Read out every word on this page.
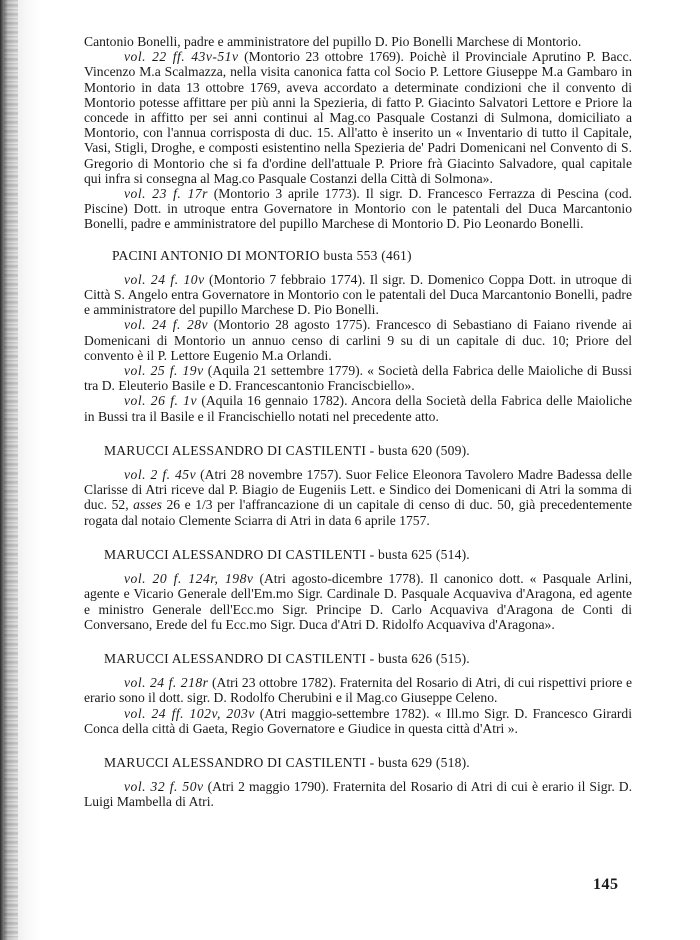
Cantonio Bonelli, padre e amministratore del pupillo D. Pio Bonelli Marchese di Montorio.

vol. 22 ff. 43v-51v (Montorio 23 ottobre 1769). Poichè il Provinciale Aprutino P. Bacc. Vincenzo M.a Scalmazza, nella visita canonica fatta col Socio P. Lettore Giuseppe M.a Gambaro in Montorio in data 13 ottobre 1769, aveva accordato a determinate condizioni che il convento di Montorio potesse affittare per più anni la Spezieria, di fatto P. Giacinto Salvatori Lettore e Priore la concede in affitto per sei anni continui al Mag.co Pasquale Costanzi di Sulmona, domiciliato a Montorio, con l'annua corrisposta di duc. 15. All'atto è inserito un « Inventario di tutto il Capitale, Vasi, Stigli, Droghe, e composti esistentino nella Spezieria de' Padri Domenicani nel Convento di S. Gregorio di Montorio che si fa d'ordine dell'attuale P. Priore frà Giacinto Salvadore, qual capitale qui infra si consegna al Mag.co Pasquale Costanzi della Città di Solmona».

vol. 23 f. 17r (Montorio 3 aprile 1773). Il sigr. D. Francesco Ferrazza di Pescina (cod. Piscine) Dott. in utroque entra Governatore in Montorio con le patentali del Duca Marcantonio Bonelli, padre e amministratore del pupillo Marchese di Montorio D. Pio Leonardo Bonelli.

PACINI ANTONIO DI MONTORIO busta 553 (461)

vol. 24 f. 10v (Montorio 7 febbraio 1774). Il sigr. D. Domenico Coppa Dott. in utroque di Città S. Angelo entra Governatore in Montorio con le patentali del Duca Marcantonio Bonelli, padre e amministratore del pupillo Marchese D. Pio Bonelli.

vol. 24 f. 28v (Montorio 28 agosto 1775). Francesco di Sebastiano di Faiano rivende ai Domenicani di Montorio un annuo censo di carlini 9 su di un capitale di duc. 10; Priore del convento è il P. Lettore Eugenio M.a Orlandi.

vol. 25 f. 19v (Aquila 21 settembre 1779). « Società della Fabrica delle Maioliche di Bussi tra D. Eleuterio Basile e D. Francescantonio Franciscbiello».

vol. 26 f. 1v (Aquila 16 gennaio 1782). Ancora della Società della Fabrica delle Maioliche in Bussi tra il Basile e il Francischiello notati nel precedente atto.

MARUCCI ALESSANDRO DI CASTILENTI - busta 620 (509).

vol. 2 f. 45v (Atri 28 novembre 1757). Suor Felice Eleonora Tavolero Madre Badessa delle Clarisse di Atri riceve dal P. Biagio de Eugeniis Lett. e Sindico dei Domenicani di Atri la somma di duc. 52, asses 26 e 1/3 per l'affrancazione di un capitale di censo di duc. 50, già precedentemente rogata dal notaio Clemente Sciarra di Atri in data 6 aprile 1757.

MARUCCI ALESSANDRO DI CASTILENTI - busta 625 (514).

vol. 20 f. 124r, 198v (Atri agosto-dicembre 1778). Il canonico dott. « Pasquale Arlini, agente e Vicario Generale dell'Em.mo Sigr. Cardinale D. Pasquale Acquaviva d'Aragona, ed agente e ministro Generale dell'Ecc.mo Sigr. Principe D. Carlo Acquaviva d'Aragona de Conti di Conversano, Erede del fu Ecc.mo Sigr. Duca d'Atri D. Ridolfo Acquaviva d'Aragona».

MARUCCI ALESSANDRO DI CASTILENTI - busta 626 (515).

vol. 24 f. 218r (Atri 23 ottobre 1782). Fraternita del Rosario di Atri, di cui rispettivi priore e erario sono il dott. sigr. D. Rodolfo Cherubini e il Mag.co Giuseppe Celeno.

vol. 24 ff. 102v, 203v (Atri maggio-settembre 1782). « Ill.mo Sigr. D. Francesco Girardi Conca della città di Gaeta, Regio Governatore e Giudice in questa città d'Atri ».

MARUCCI ALESSANDRO DI CASTILENTI - busta 629 (518).

vol. 32 f. 50v (Atri 2 maggio 1790). Fraternita del Rosario di Atri di cui è erario il Sigr. D. Luigi Mambella di Atri.

145
